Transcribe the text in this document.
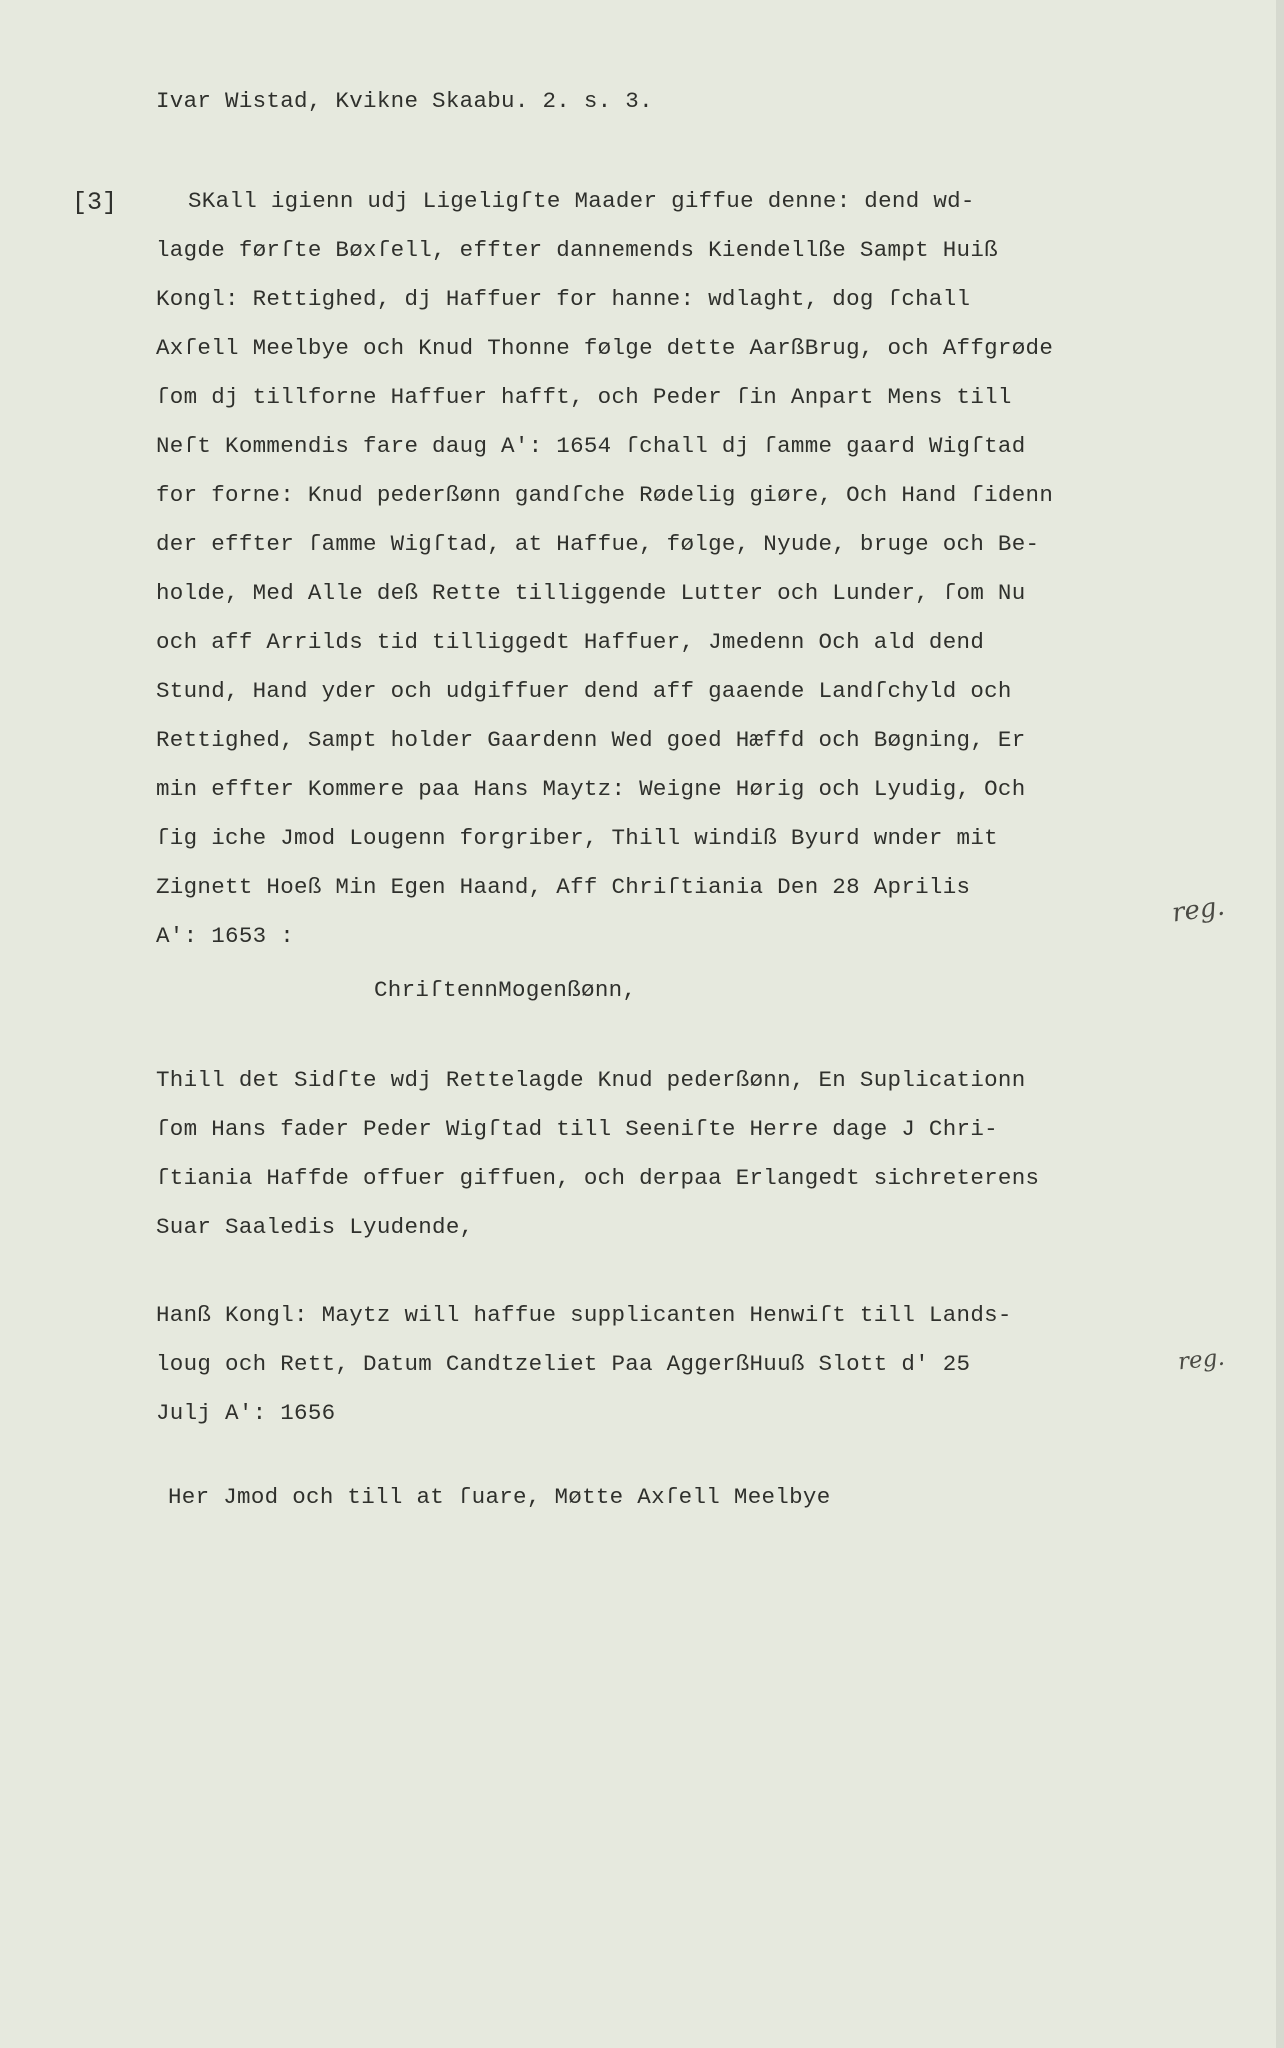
Ivar Wistad, Kvikne Skaabu. 2. s. 3.
[3]	SKall igienn udj Ligeligſte Maader giffue denne: dend wd-
lagde førſte Bøxſell, effter dannemends Kiendellße Sampt Huiß
Kongl: Rettighed, dj Haffuer for hanne: wdlaght, dog ſchall
Axſell Meelbye och Knud Thonne følge dette AarßBrug, och Affgrøde
ſom dj tillforne Haffuer hafft, och Peder ſin Anpart Mens till
Neſt Kommendis fare daug A': 1654 ſchall dj ſamme gaard Wigſtad
for forne: Knud pederßønn gandſche Rødelig giøre, Och Hand ſidenn
der effter ſamme Wigſtad, at Haffue, følge, Nyude, bruge och Be-
holde, Med Alle deß Rette tilliggende Lutter och Lunder, ſom Nu
och aff Arrilds tid tilliggedt Haffuer, Jmedenn Och ald dend
Stund, Hand yder och udgiffuer dend aff gaaende Landſchyld och
Rettighed, Sampt holder Gaardenn Wed goed Hæffd och Bøgning, Er
min effter Kommere paa Hans Maytz: Weigne Hørig och Lyudig, Och
ſig iche Jmod Lougenn forgriber, Thill windiß Byurd wnder mit
Zignett Hoeß Min Egen Haand, Aff Chriſtiania Den 28 Aprilis
A': 1653 :
ChriſtennMogenßønn,
Thill det Sidſte wdj Rettelagde Knud pederßønn, En Suplicationn
ſom Hans fader Peder Wigſtad till Seeniſte Herre dage J Chri-
ſtiania Haffde offuer giffuen, och derpaa Erlangedt sichreterens
Suar Saaledis Lyudende,
Hanß Kongl: Maytz will haffue supplicanten Henwiſt till Lands-
loug och Rett, Datum Candtzeliet Paa AggerßHuuß Slott d' 25
Julj A': 1656
Her Jmod och till at ſuare, Møtte Axſell Meelbye
reg.
reg.
